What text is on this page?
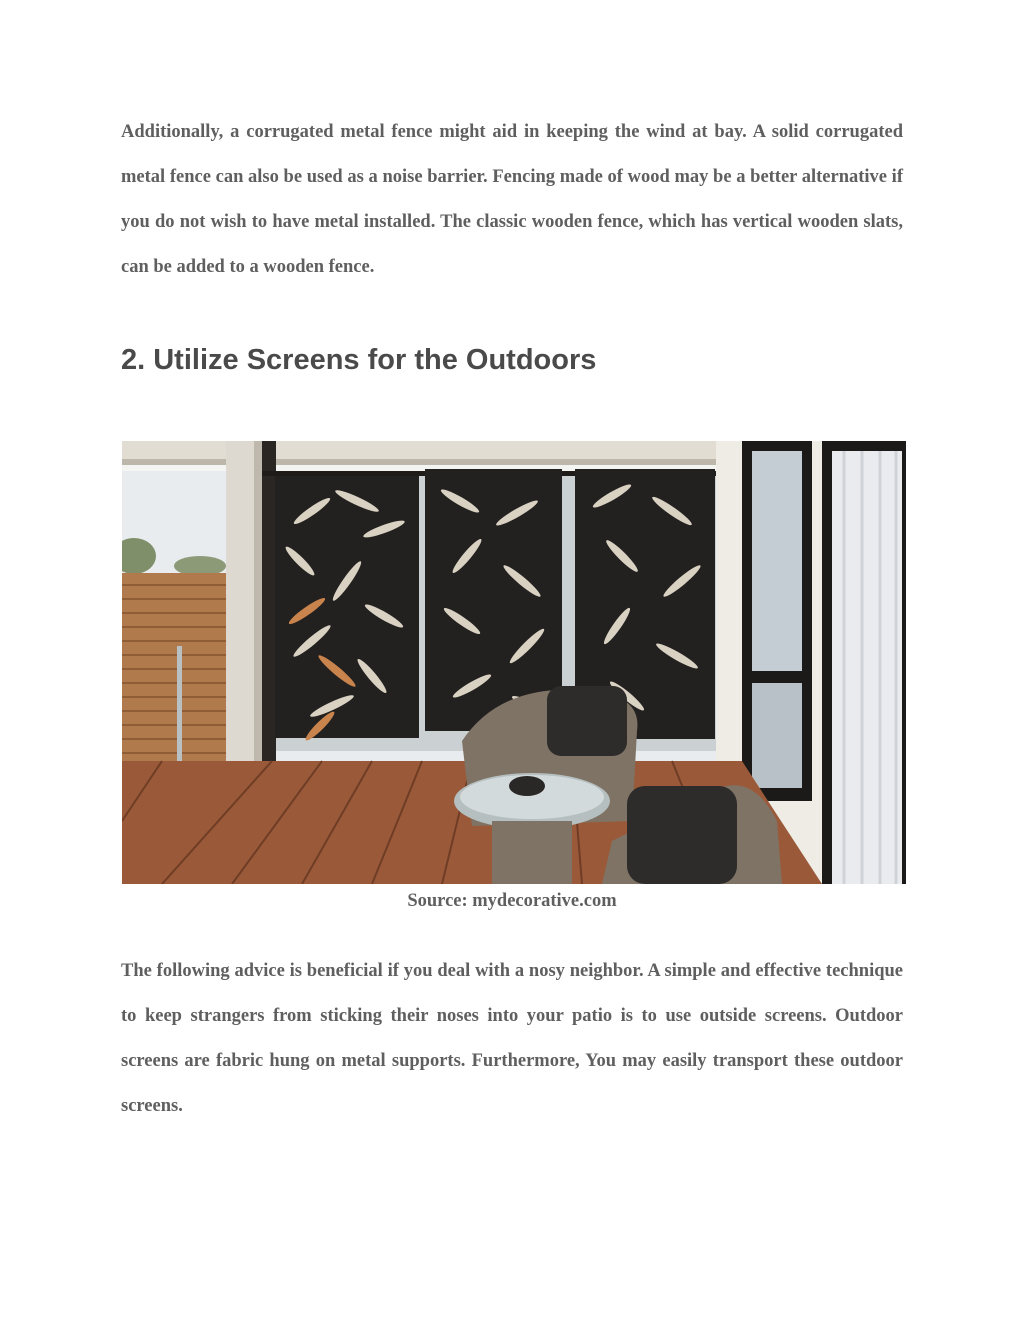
Additionally, a corrugated metal fence might aid in keeping the wind at bay. A solid corrugated metal fence can also be used as a noise barrier. Fencing made of wood may be a better alternative if you do not wish to have metal installed. The classic wooden fence, which has vertical wooden slats, can be added to a wooden fence.

2. Utilize Screens for the Outdoors
Source: mydecorative.com

The following advice is beneficial if you deal with a nosy neighbor. A simple and effective technique to keep strangers from sticking their noses into your patio is to use outside screens. Outdoor screens are fabric hung on metal supports. Furthermore, You may easily transport these outdoor screens.
